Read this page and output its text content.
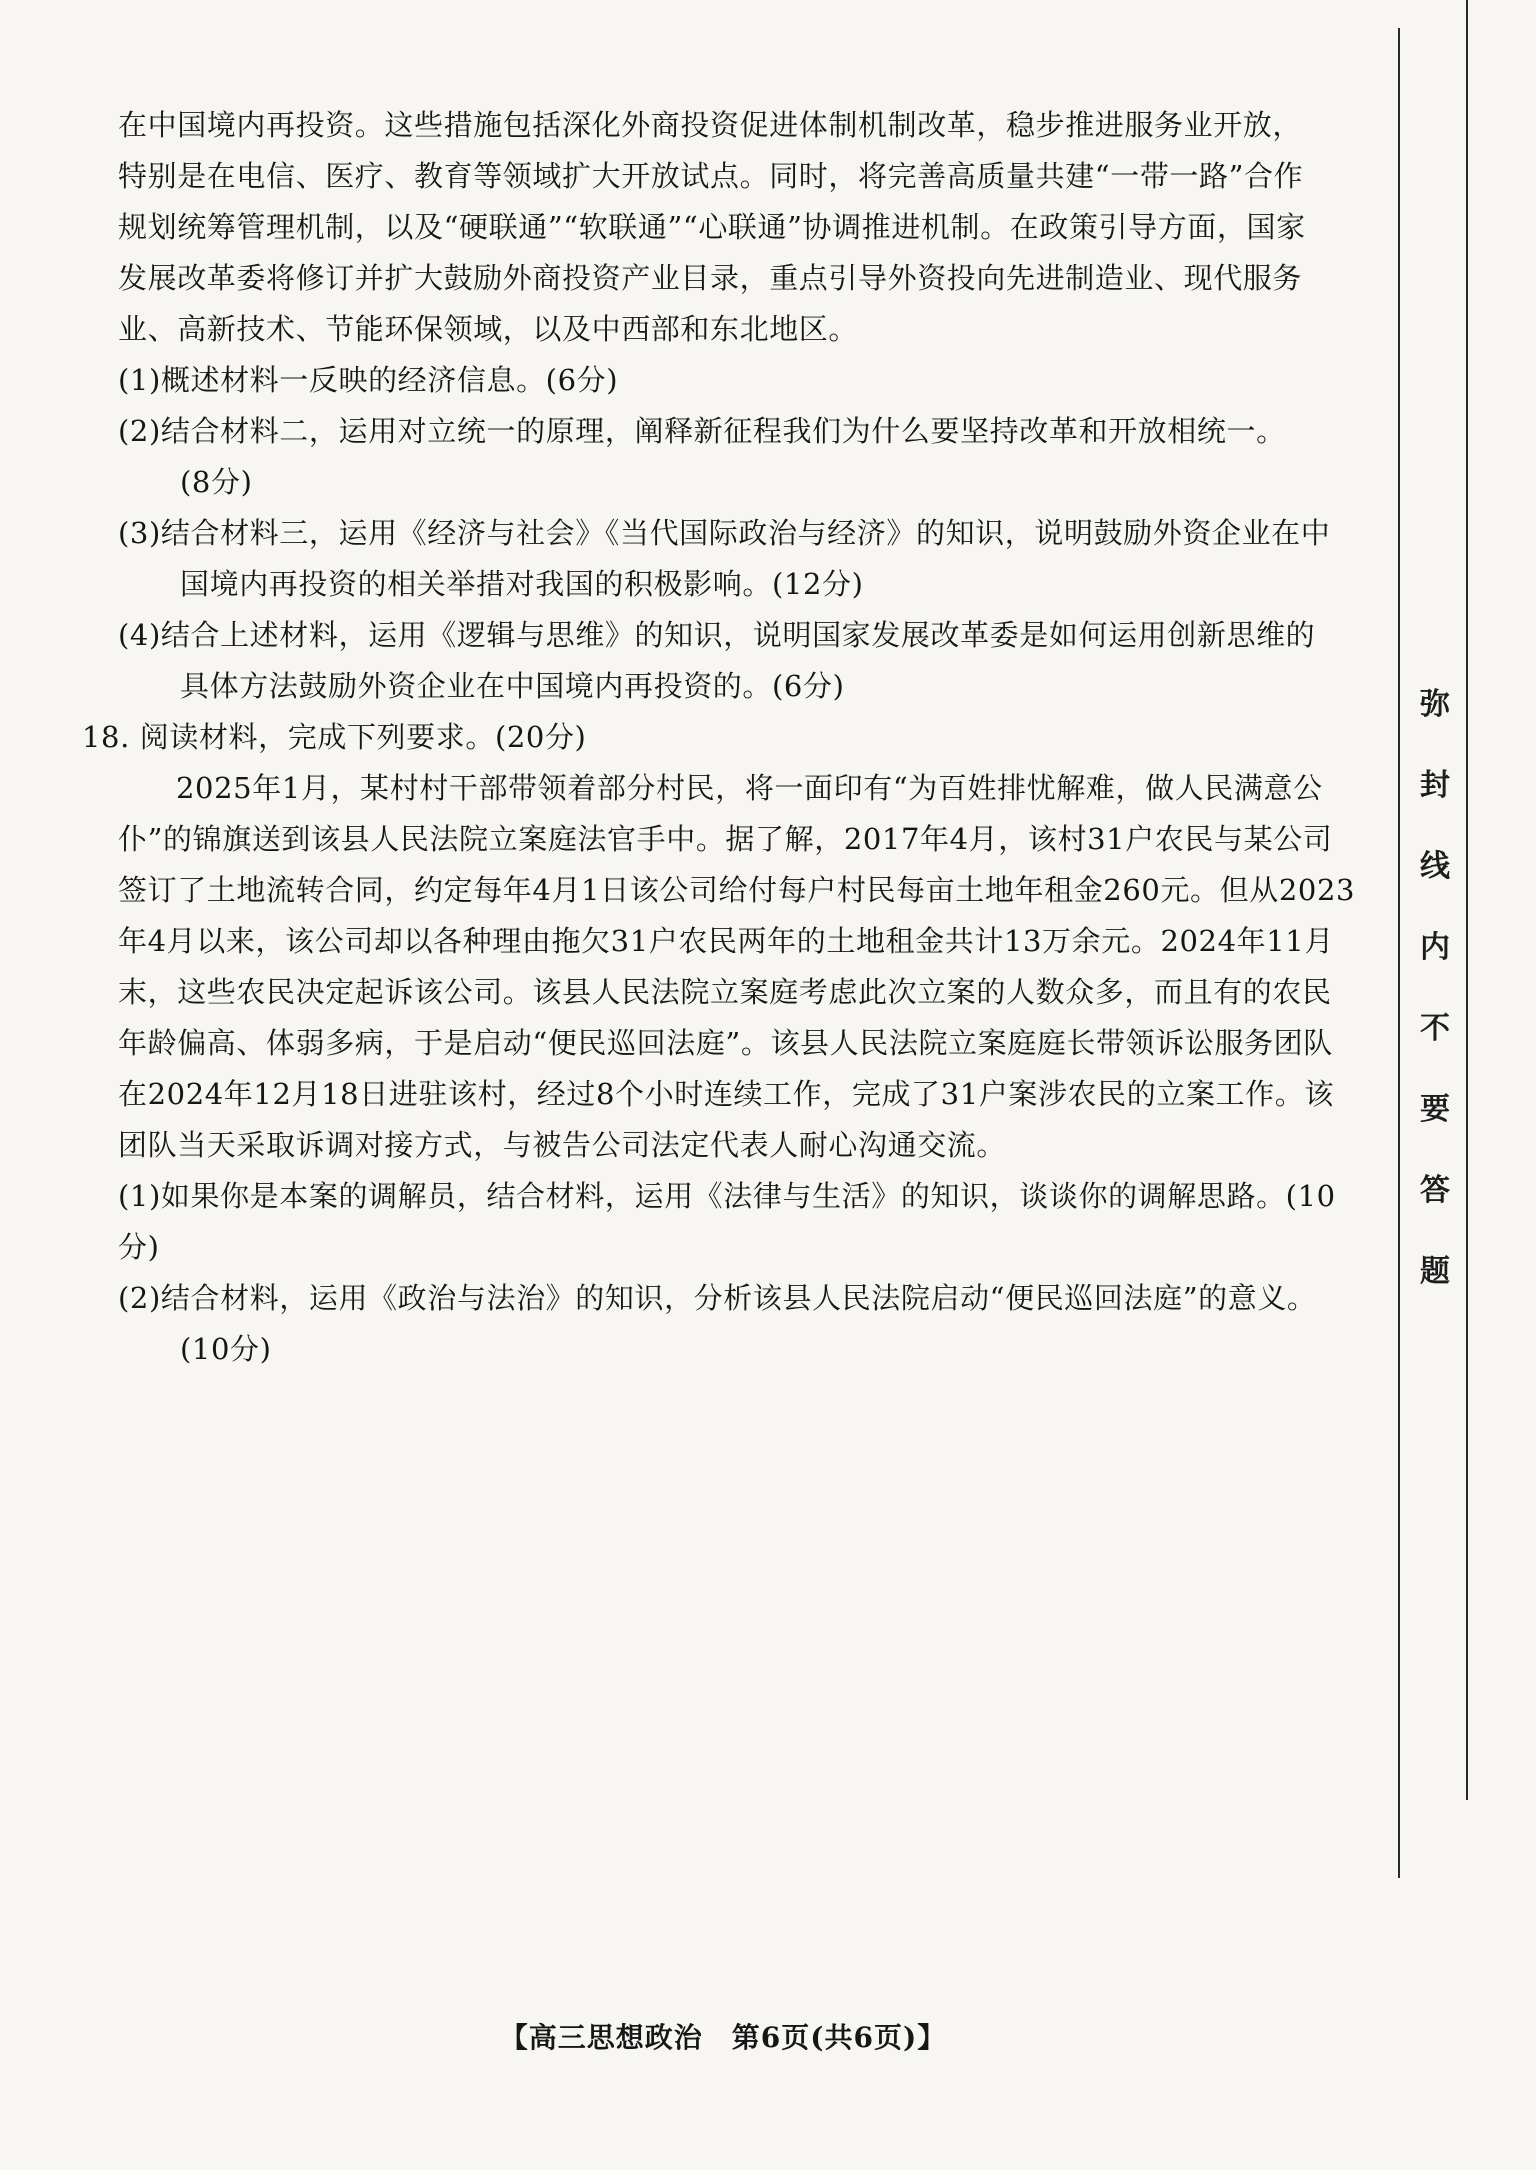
在中国境内再投资。这些措施包括深化外商投资促进体制机制改革，稳步推进服务业开放，

特别是在电信、医疗、教育等领域扩大开放试点。同时，将完善高质量共建“一带一路”合作

规划统筹管理机制，以及“硬联通”“软联通”“心联通”协调推进机制。在政策引导方面，国家

发展改革委将修订并扩大鼓励外商投资产业目录，重点引导外资投向先进制造业、现代服务

业、高新技术、节能环保领域，以及中西部和东北地区。

(1)概述材料一反映的经济信息。(6分)

(2)结合材料二，运用对立统一的原理，阐释新征程我们为什么要坚持改革和开放相统一。

(8分)

(3)结合材料三，运用《经济与社会》《当代国际政治与经济》的知识，说明鼓励外资企业在中

国境内再投资的相关举措对我国的积极影响。(12分)

(4)结合上述材料，运用《逻辑与思维》的知识，说明国家发展改革委是如何运用创新思维的

具体方法鼓励外资企业在中国境内再投资的。(6分)

18. 阅读材料，完成下列要求。(20分)

2025年1月，某村村干部带领着部分村民，将一面印有“为百姓排忧解难，做人民满意公仆”的锦旗送到该县人民法院立案庭法官手中。据了解，2017年4月，该村31户农民与某公司签订了土地流转合同，约定每年4月1日该公司给付每户村民每亩土地年租金260元。但从2023年4月以来，该公司却以各种理由拖欠31户农民两年的土地租金共计13万余元。2024年11月末，这些农民决定起诉该公司。该县人民法院立案庭考虑此次立案的人数众多，而且有的农民年龄偏高、体弱多病，于是启动“便民巡回法庭”。该县人民法院立案庭庭长带领诉讼服务团队在2024年12月18日进驻该村，经过8个小时连续工作，完成了31户案涉农民的立案工作。该团队当天采取诉调对接方式，与被告公司法定代表人耐心沟通交流。

(1)如果你是本案的调解员，结合材料，运用《法律与生活》的知识，谈谈你的调解思路。(10分)

(2)结合材料，运用《政治与法治》的知识，分析该县人民法院启动“便民巡回法庭”的意义。

(10分)

弥
封
线
内
不
要
答
题
【高三思想政治　第6页(共6页)】
